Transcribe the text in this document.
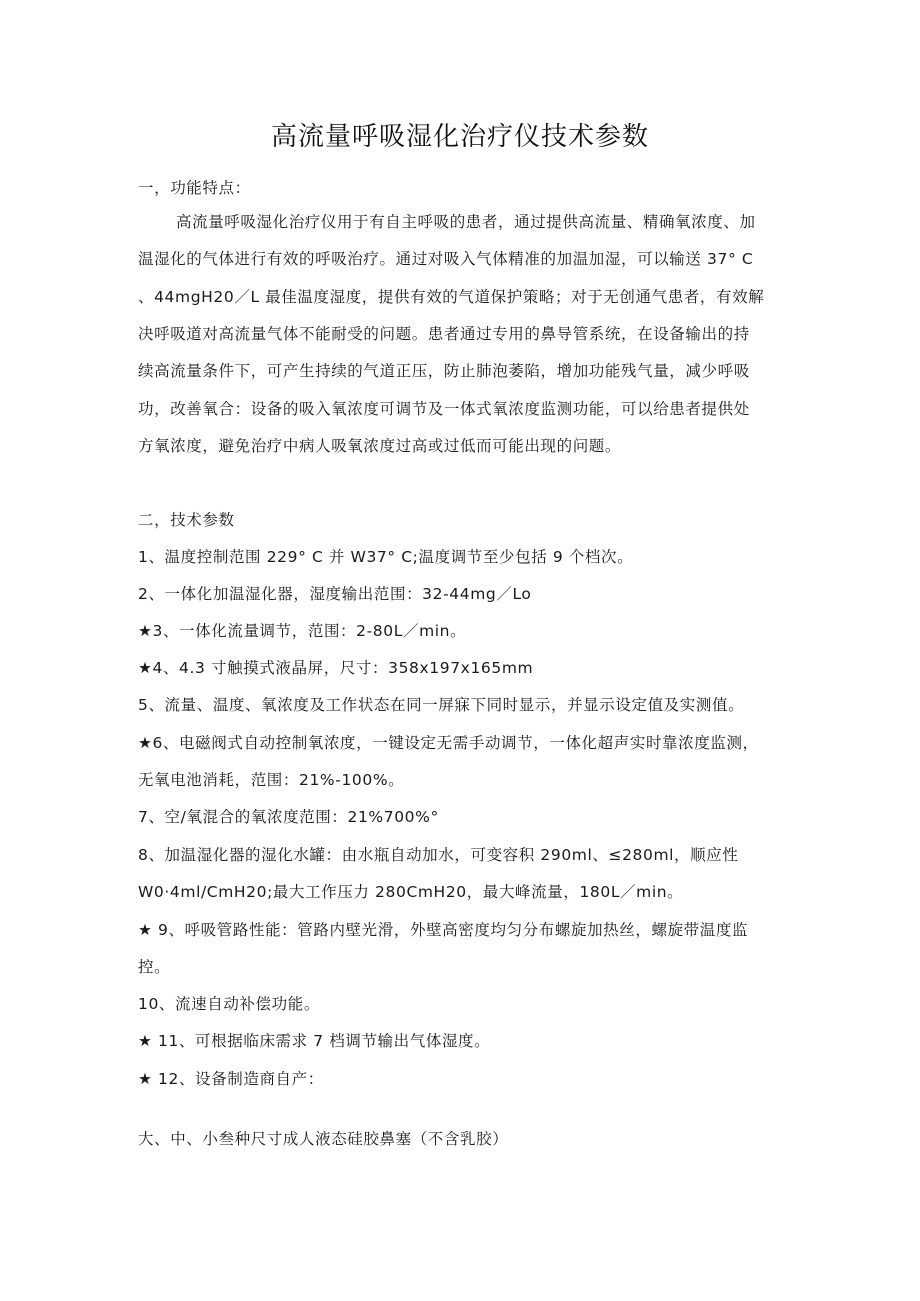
高流量呼吸湿化治疗仪技术参数
一，功能特点：
高流量呼吸湿化治疗仪用于有自主呼吸的患者，通过提供高流量、精确氧浓度、加
温湿化的气体进行有效的呼吸治疗。通过对吸入气体精准的加温加湿，可以输送 37° C
、44mgH20／L 最佳温度湿度，提供有效的气道保护策略；对于无创通气患者，有效解
决呼吸道对高流量气体不能耐受的问题。患者通过专用的鼻导管系统，在设备输出的持
续高流量条件下，可产生持续的气道正压，防止肺泡萎陷，增加功能残气量，减少呼吸
功，改善氧合：设备的吸入氧浓度可调节及一体式氧浓度监测功能，可以给患者提供处
方氧浓度，避免治疗中病人吸氧浓度过高或过低而可能出现的问题。
二，技术参数
1、温度控制范围 229° C 并 W37° C;温度调节至少包括 9 个档次。
2、一体化加温湿化器，湿度输出范围：32-44mg／Lo
★3、一体化流量调节，范围：2-80L／min。
★4、4.3 寸触摸式液晶屏，尺寸：358x197x165mm
5、流量、温度、氧浓度及工作状态在同一屏寐下同时显示，并显示设定值及实测值。
★6、电磁阀式自动控制氧浓度，一键设定无需手动调节，一体化超声实时靠浓度监测，
无氧电池消耗，范围：21%-100%。
7、空/氧混合的氧浓度范围：21%700%°
8、加温湿化器的湿化水罐：由水瓶自动加水，可变容积 290ml、≤280ml，顺应性
W0·4ml/CmH20;最大工作压力 280CmH20，最大峰流量，180L／min。
★ 9、呼吸管路性能：管路内壁光滑，外壁高密度均匀分布螺旋加热丝，螺旋带温度监
控。
10、流速自动补偿功能。
★ 11、可根据临床需求 7 档调节输出气体湿度。
★ 12、设备制造商自产：
大、中、小叁种尺寸成人液态硅胶鼻塞（不含乳胶）
